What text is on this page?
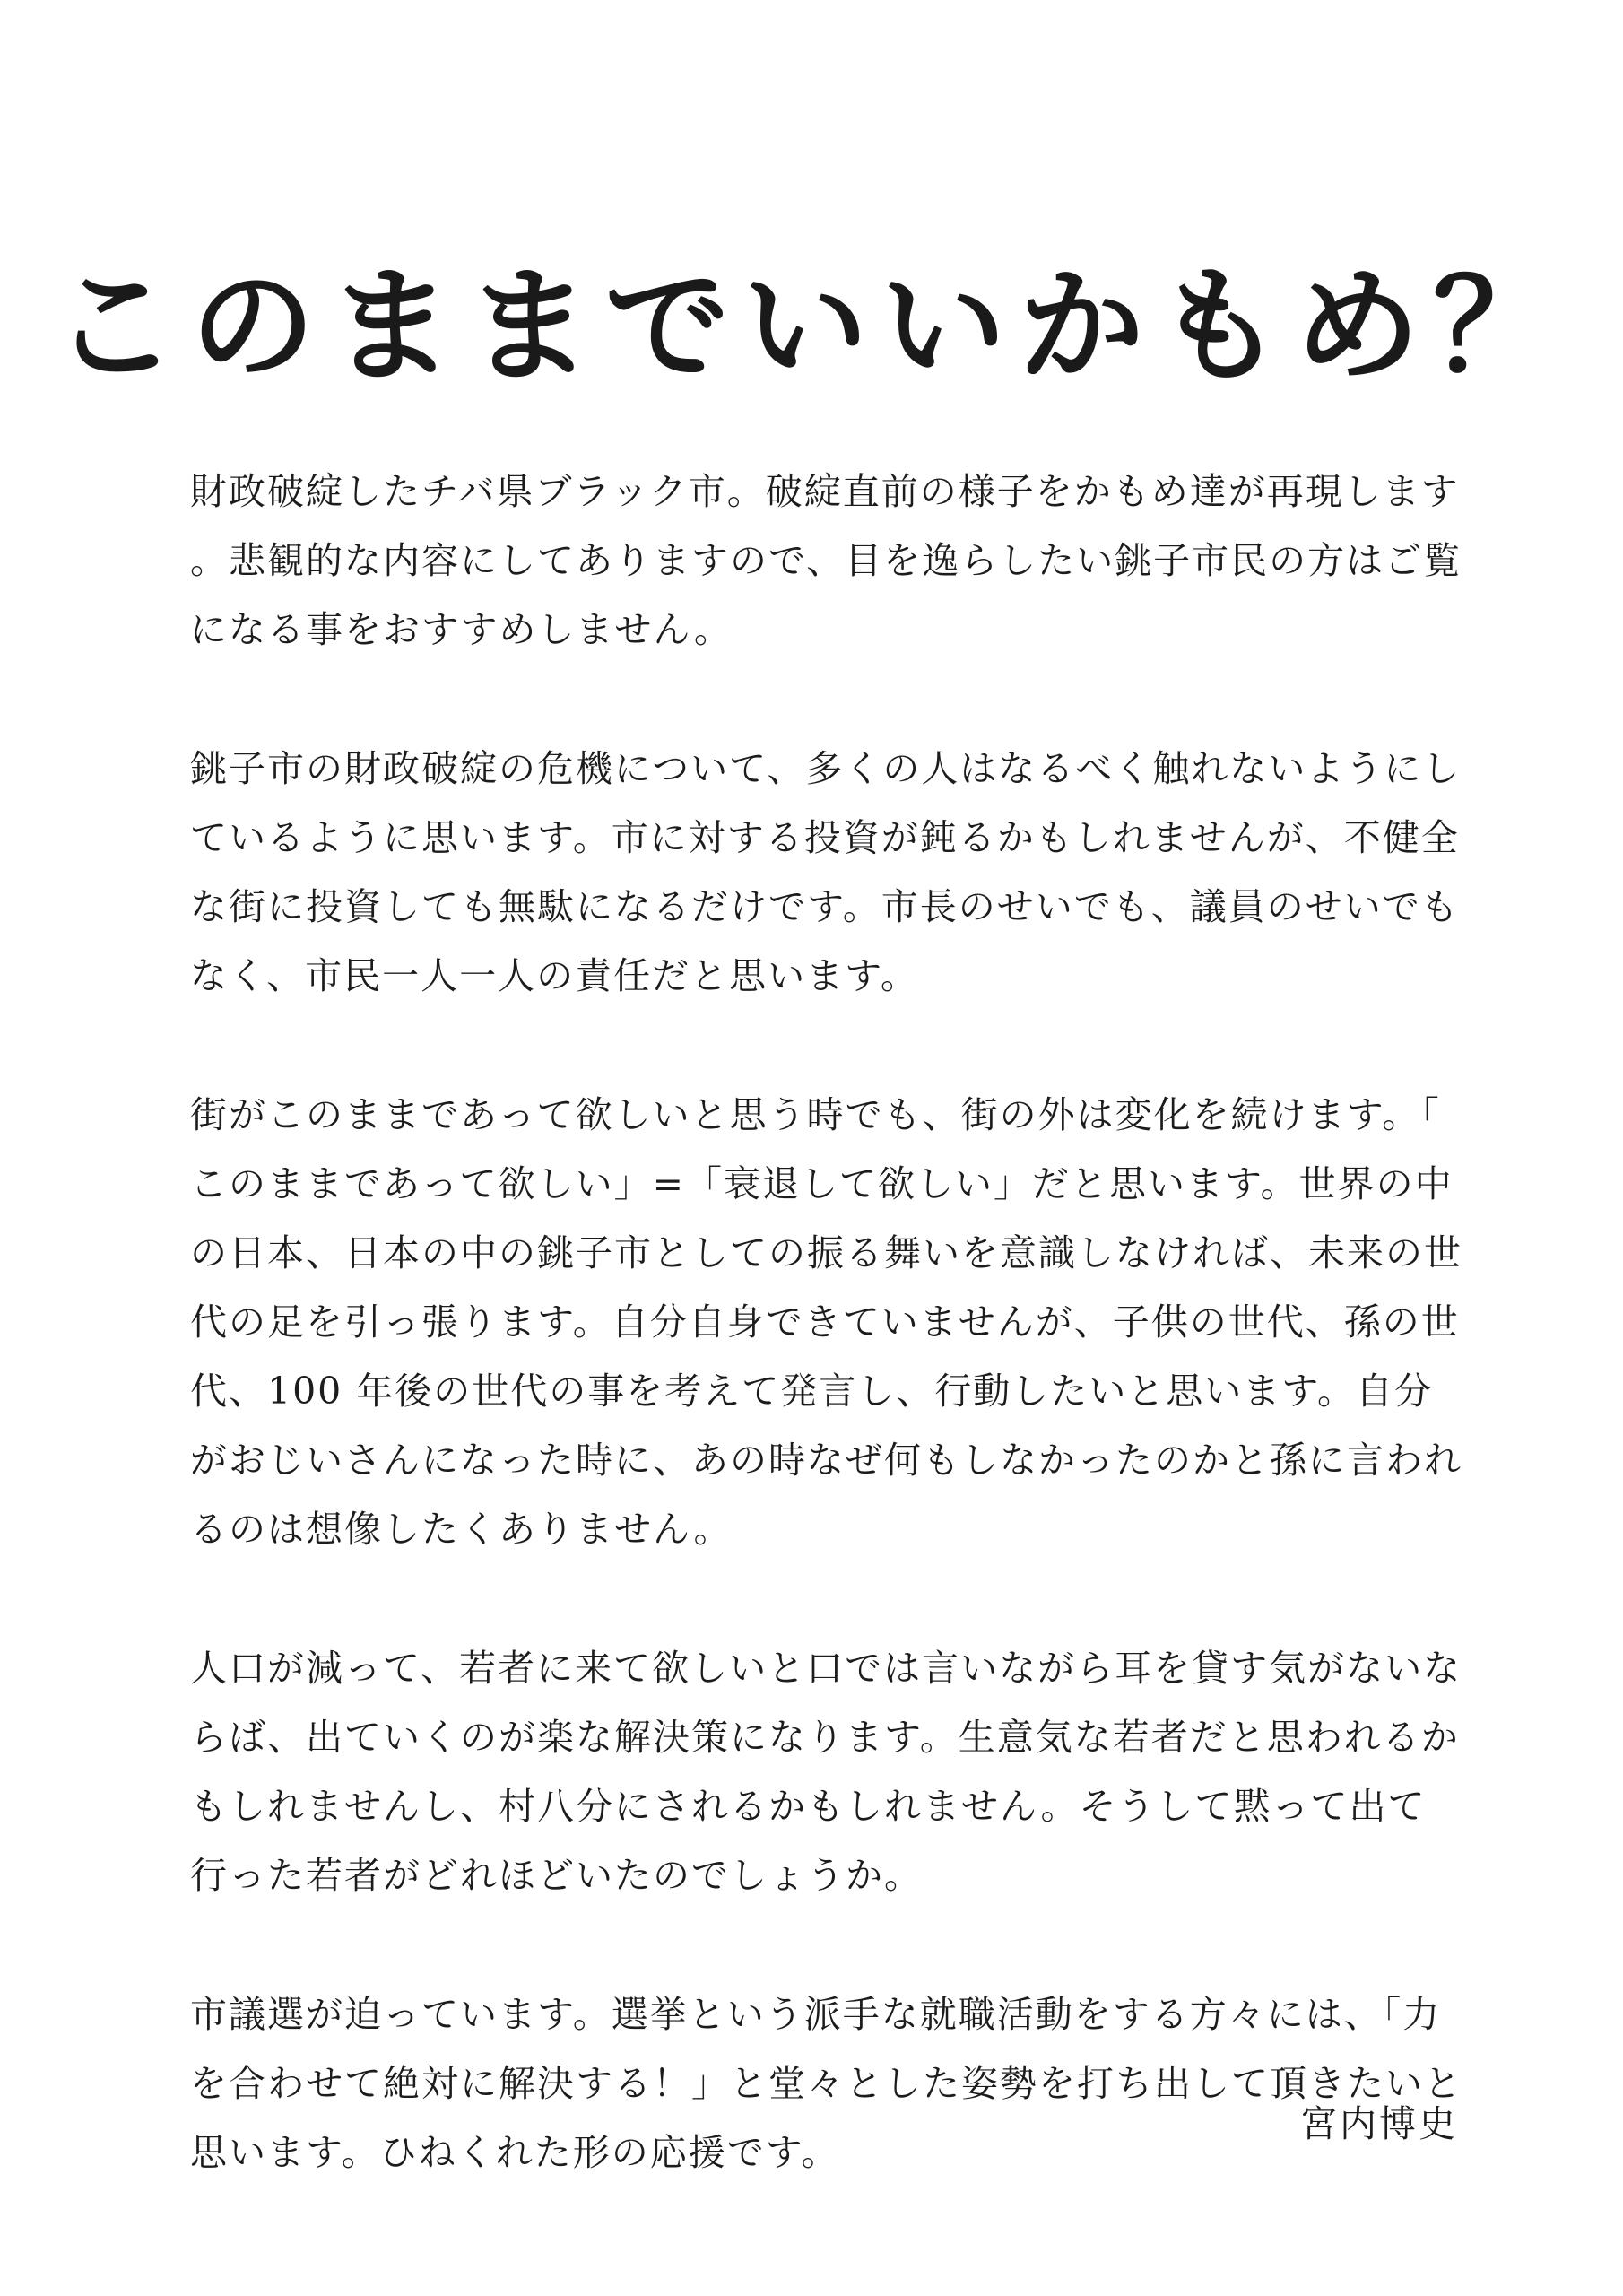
このままでいいかもめ？

財政破綻したチバ県ブラック市。破綻直前の様子をかもめ達が再現します。悲観的な内容にしてありますので、目を逸らしたい銚子市民の方はご覧になる事をおすすめしません。

銚子市の財政破綻の危機について、多くの人はなるべく触れないようにしているように思います。市に対する投資が鈍るかもしれませんが、不健全な街に投資しても無駄になるだけです。市長のせいでも、議員のせいでもなく、市民一人一人の責任だと思います。

街がこのままであって欲しいと思う時でも、街の外は変化を続けます。「このままであって欲しい」=「衰退して欲しい」だと思います。世界の中の日本、日本の中の銚子市としての振る舞いを意識しなければ、未来の世代の足を引っ張ります。自分自身できていませんが、子供の世代、孫の世代、100 年後の世代の事を考えて発言し、行動したいと思います。自分がおじいさんになった時に、あの時なぜ何もしなかったのかと孫に言われるのは想像したくありません。

人口が減って、若者に来て欲しいと口では言いながら耳を貸す気がないならば、出ていくのが楽な解決策になります。生意気な若者だと思われるかもしれませんし、村八分にされるかもしれません。そうして黙って出て行った若者がどれほどいたのでしょうか。

市議選が迫っています。選挙という派手な就職活動をする方々には、「力を合わせて絶対に解決する！」と堂々とした姿勢を打ち出して頂きたいと思います。ひねくれた形の応援です。

宮内博史
